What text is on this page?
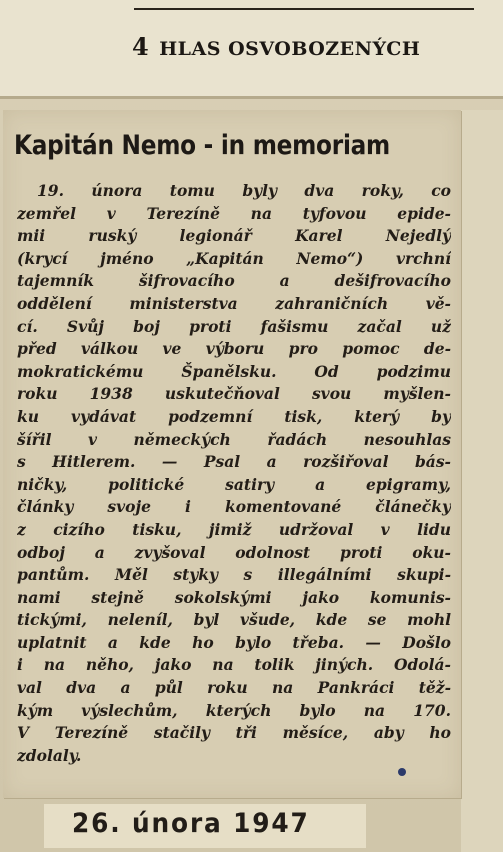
4 HLAS OSVOBOZENÝCH
Kapitán Nemo - in memoriam
19. února tomu byly dva roky, co
zemřel v Terezíně na tyfovou epide-
mii ruský legionář Karel Nejedlý
(krycí jméno „Kapitán Nemo“) vrchní
tajemník šifrovacího a dešifrovacího
oddělení ministerstva zahraničních vě-
cí. Svůj boj proti fašismu začal už
před válkou ve výboru pro pomoc de-
mokratickému Španělsku. Od podzimu
roku 1938 uskutečňoval svou myšlen-
ku vydávat podzemní tisk, který by
šířil v německých řadách nesouhlas
s Hitlerem. — Psal a rozšiřoval bás-
ničky, politické satiry a epigramy,
články svoje i komentované článečky
z cizího tisku, jimiž udržoval v lidu
odboj a zvyšoval odolnost proti oku-
pantům. Měl styky s illegálními skupi-
nami stejně sokolskými jako komunis-
tickými, neleníl, byl všude, kde se mohl
uplatnit a kde ho bylo třeba. — Došlo
i na něho, jako na tolik jiných. Odolá-
val dva a půl roku na Pankráci těž-
kým výslechům, kterých bylo na 170.
V Terezíně stačily tři měsíce, aby ho
zdolaly.
26. února 1947
